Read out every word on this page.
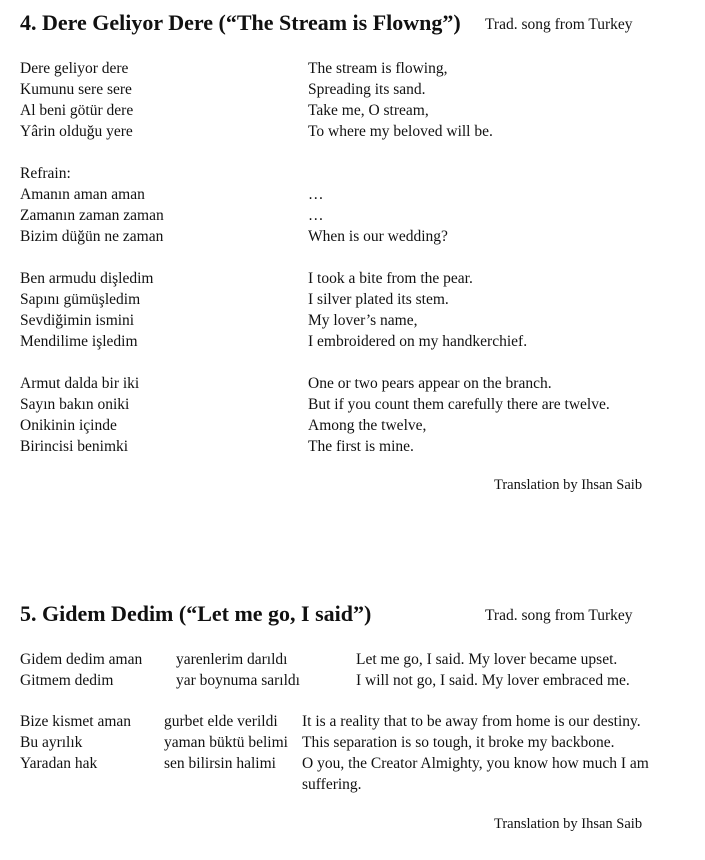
4. Dere Geliyor Dere (“The Stream is Flowng”) Trad. song from Turkey
Dere geliyor dere
Kumunu sere sere
Al beni götür dere
Yârin olduğu yere
Refrain:
Amanın aman aman
Zamanın zaman zaman
Bizim düğün ne zaman
Ben armudu dişledim
Sapını gümüşledim
Sevdiğimin ismini
Mendilime işledim
Armut dalda bir iki
Sayın bakın oniki
Onikinin içinde
Birincisi benimki
The stream is flowing,
Spreading its sand.
Take me, O stream,
To where my beloved will be.
…
…
When is our wedding?
I took a bite from the pear.
I silver plated its stem.
My lover’s name,
I embroidered on my handkerchief.
One or two pears appear on the branch.
But if you count them carefully there are twelve.
Among the twelve,
The first is mine.
Translation by Ihsan Saib
5. Gidem Dedim (“Let me go, I said”)	Trad. song from Turkey
Gidem dedim aman
Gitmem dedim
yarenlerim darıldı
yar boynuma sarıldı
Let me go, I said. My lover became upset.
I will not go, I said. My lover embraced me.
Bize kismet aman
Bu ayrılık
Yaradan hak
gurbet elde verildi
yaman büktü belimi
sen bilirsin halimi
It is a reality that to be away from home is our destiny.
This separation is so tough, it broke my backbone.
O you, the Creator Almighty, you know how much I am suffering.
Translation by Ihsan Saib
